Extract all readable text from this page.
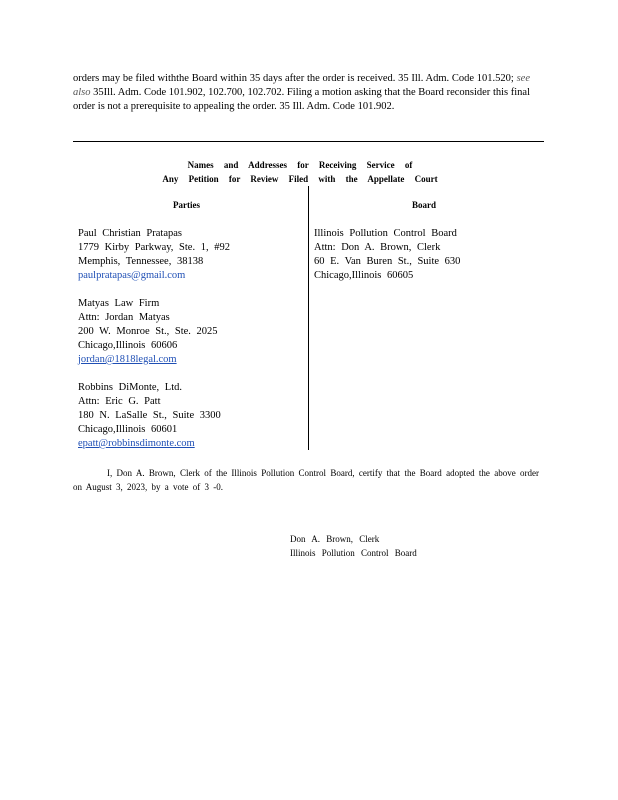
orders may be filed withthe Board within 35 days after the order is received. 35 Ill. Adm. Code 101.520; see also 35Ill. Adm. Code 101.902, 102.700, 102.702. Filing a motion asking that the Board reconsider this final order is not a prerequisite to appealing the order. 35 Ill. Adm. Code 101.902.
Names and Addresses for Receiving Service of
Any Petition for Review Filed with the Appellate Court
Parties	Board
Paul Christian Pratapas
1779 Kirby Parkway, Ste. 1, #92
Memphis, Tennessee, 38138
paulpratapas@gmail.com
Matyas Law Firm
Attn: Jordan Matyas
200 W. Monroe St., Ste. 2025
Chicago,Illinois 60606
jordan@1818legal.com
Robbins DiMonte, Ltd.
Attn: Eric G. Patt
180 N. LaSalle St., Suite 3300
Chicago,Illinois 60601
epatt@robbinsdimonte.com
Illinois Pollution Control Board
Attn: Don A. Brown, Clerk
60 E. Van Buren St., Suite 630
Chicago,Illinois 60605
I, Don A. Brown, Clerk of the Illinois Pollution Control Board, certify that the Board adopted the above order on August 3, 2023, by a vote of 3 -0.
Don A. Brown, Clerk
Illinois Pollution Control Board
